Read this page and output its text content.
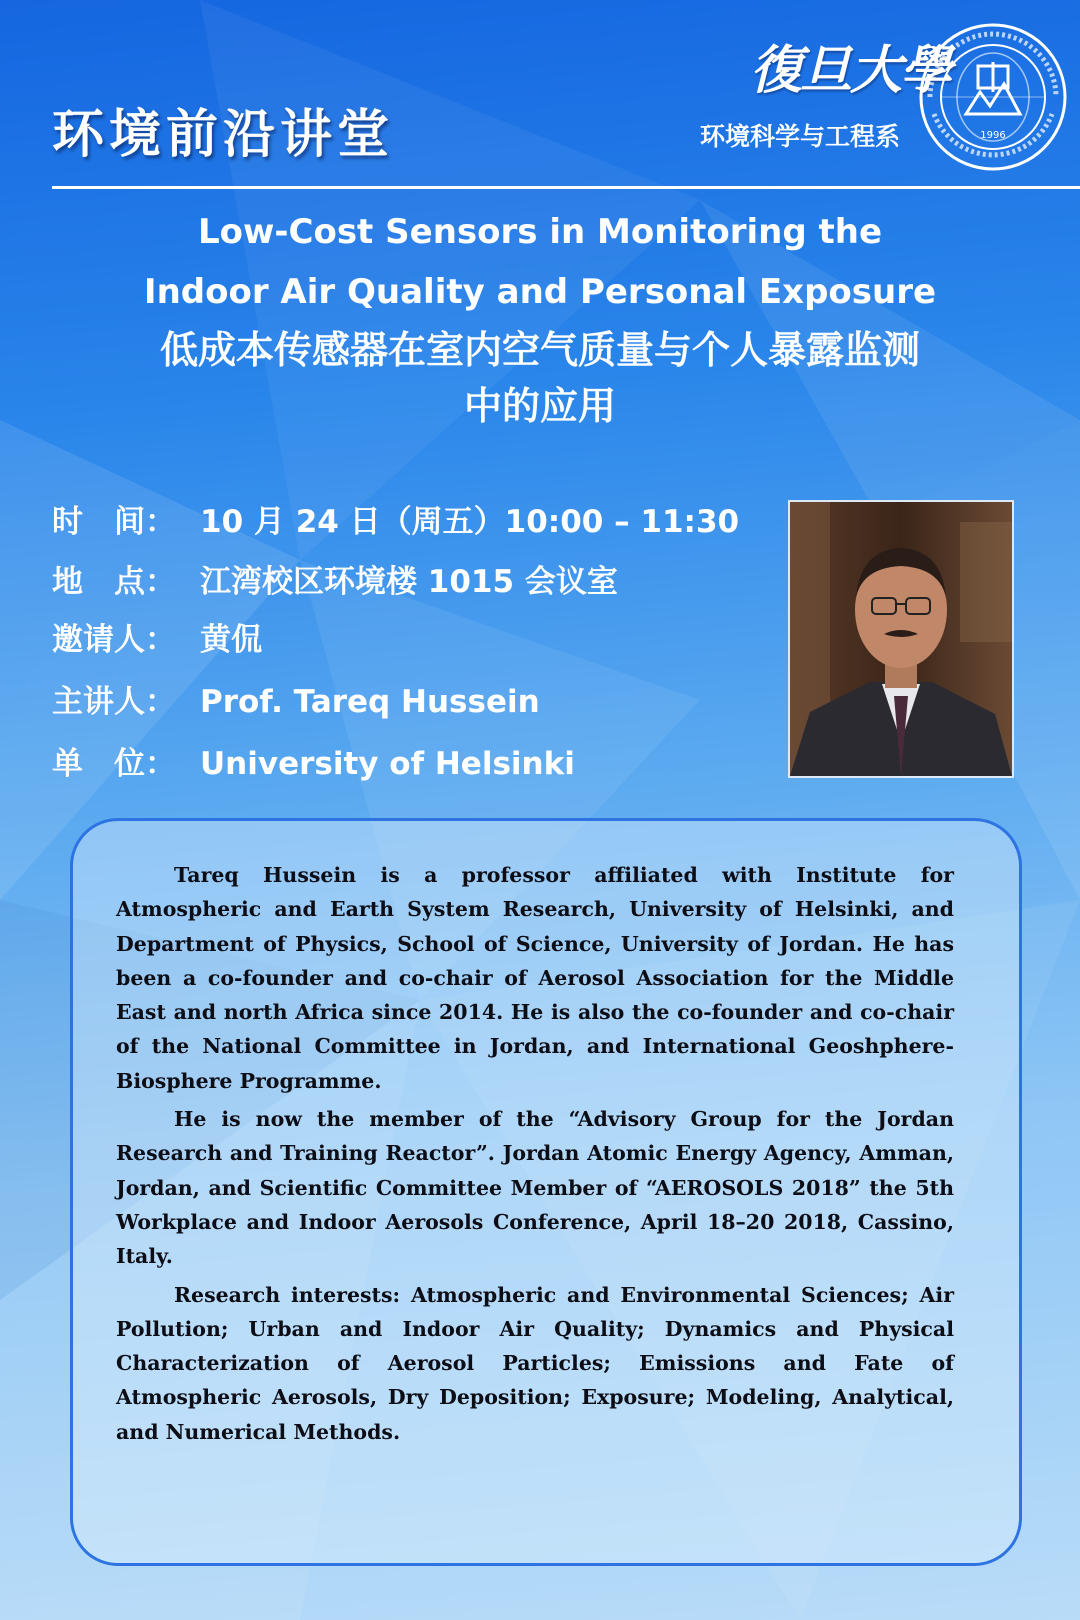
环境前沿讲堂
復旦大學
环境科学与工程系	1996

Low-Cost Sensors in Monitoring the

Indoor Air Quality and Personal Exposure

低成本传感器在室内空气质量与个人暴露监测

中的应用

时　间： 10 月 24 日（周五）10:00 – 11:30
地　点： 江湾校区环境楼 1015 会议室
邀请人： 黄侃
主讲人： Prof. Tareq Hussein
单　位： University of Helsinki

Tareq Hussein is a professor affiliated with Institute for Atmospheric and Earth System Research, University of Helsinki, and Department of Physics, School of Science, University of Jordan. He has been a co-founder and co-chair of Aerosol Association for the Middle East and north Africa since 2014. He is also the co-founder and co-chair of the National Committee in Jordan, and International Geoshphere-Biosphere Programme.

He is now the member of the “Advisory Group for the Jordan Research and Training Reactor”. Jordan Atomic Energy Agency, Amman, Jordan, and Scientific Committee Member of “AEROSOLS 2018” the 5th Workplace and Indoor Aerosols Conference, April 18–20 2018, Cassino, Italy.

Research interests: Atmospheric and Environmental Sciences; Air Pollution; Urban and Indoor Air Quality; Dynamics and Physical Characterization of Aerosol Particles; Emissions and Fate of Atmospheric Aerosols, Dry Deposition; Exposure; Modeling, Analytical, and Numerical Methods.
